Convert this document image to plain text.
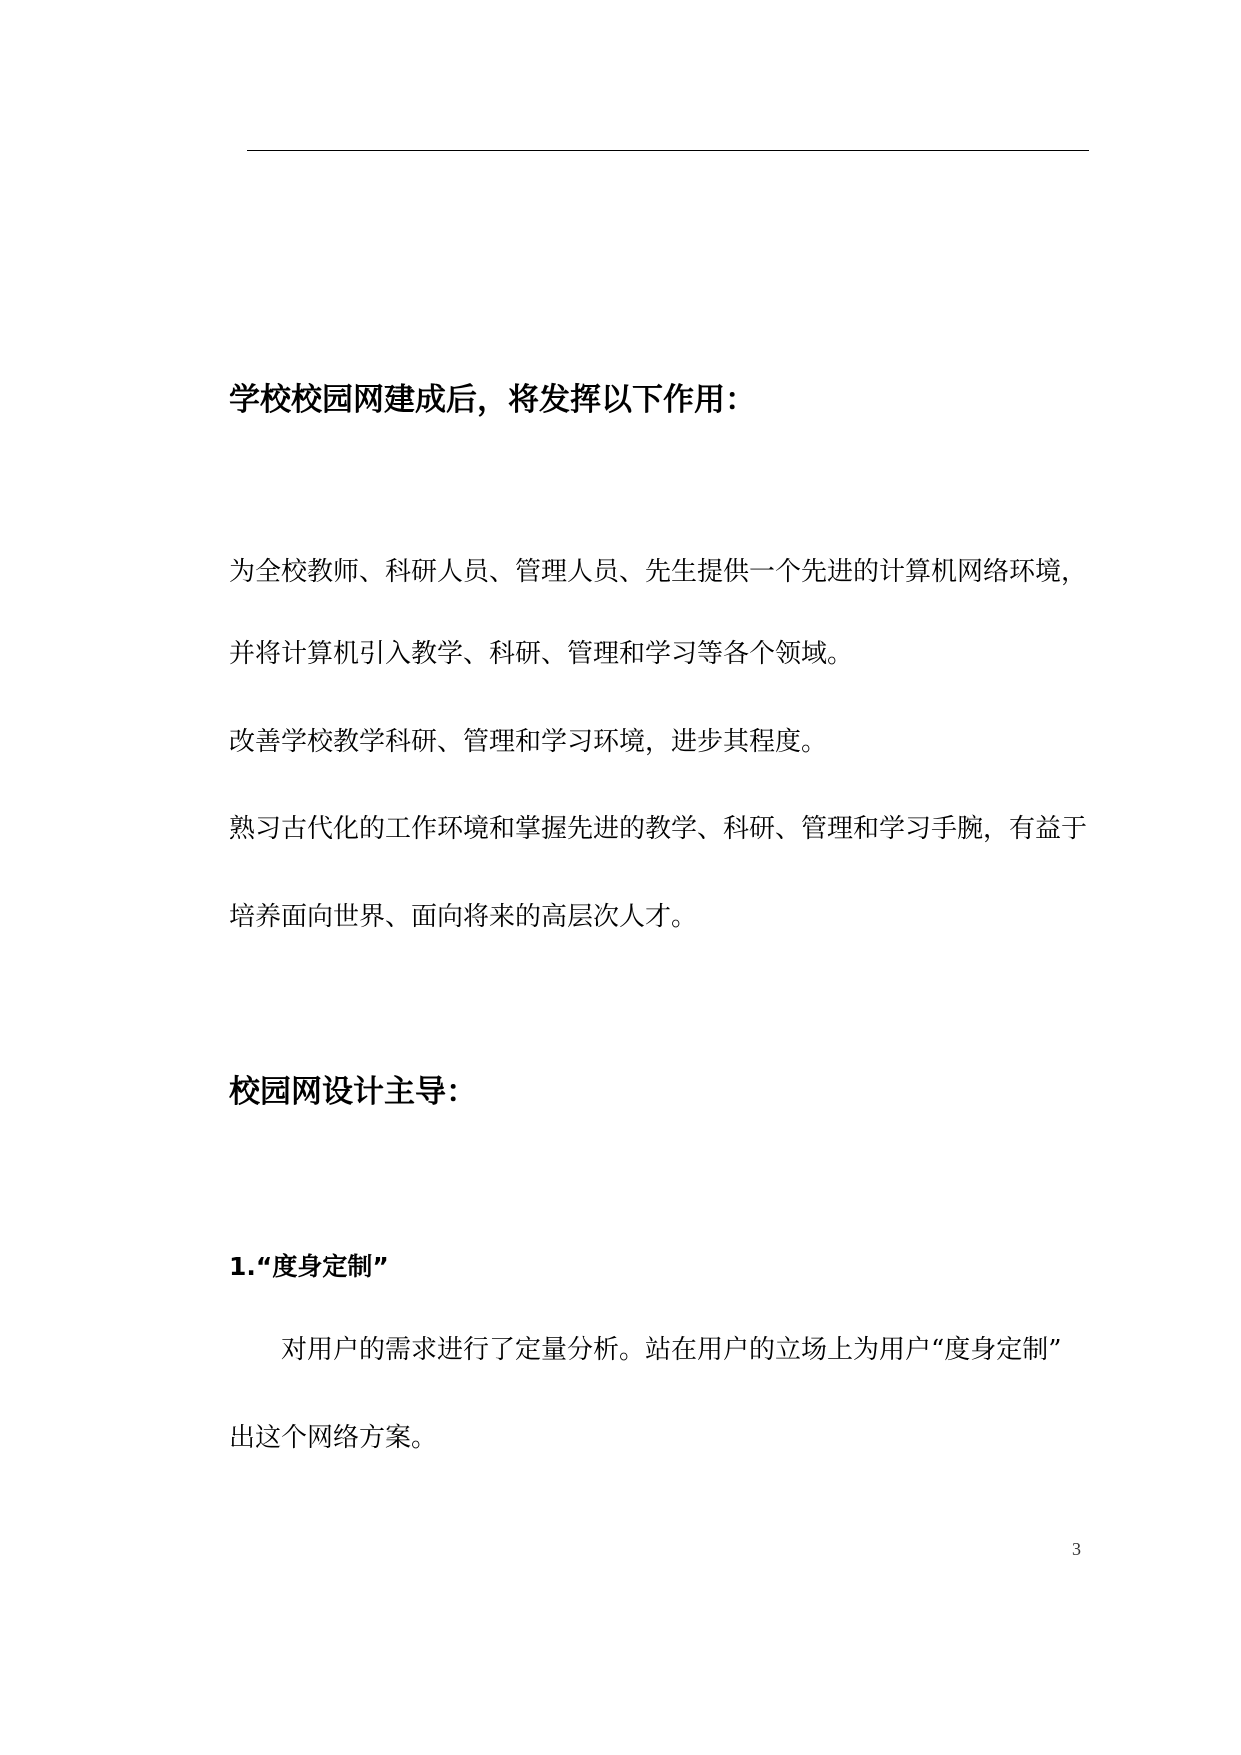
学校校园网建成后，将发挥以下作用：
为全校教师、科研人员、管理人员、先生提供一个先进的计算机网络环境，
并将计算机引入教学、科研、管理和学习等各个领域。
改善学校教学科研、管理和学习环境，进步其程度。
熟习古代化的工作环境和掌握先进的教学、科研、管理和学习手腕，有益于
培养面向世界、面向将来的高层次人才。
校园网设计主导：
1.“度身定制”
对用户的需求进行了定量分析。站在用户的立场上为用户“度身定制”
出这个网络方案。
3
